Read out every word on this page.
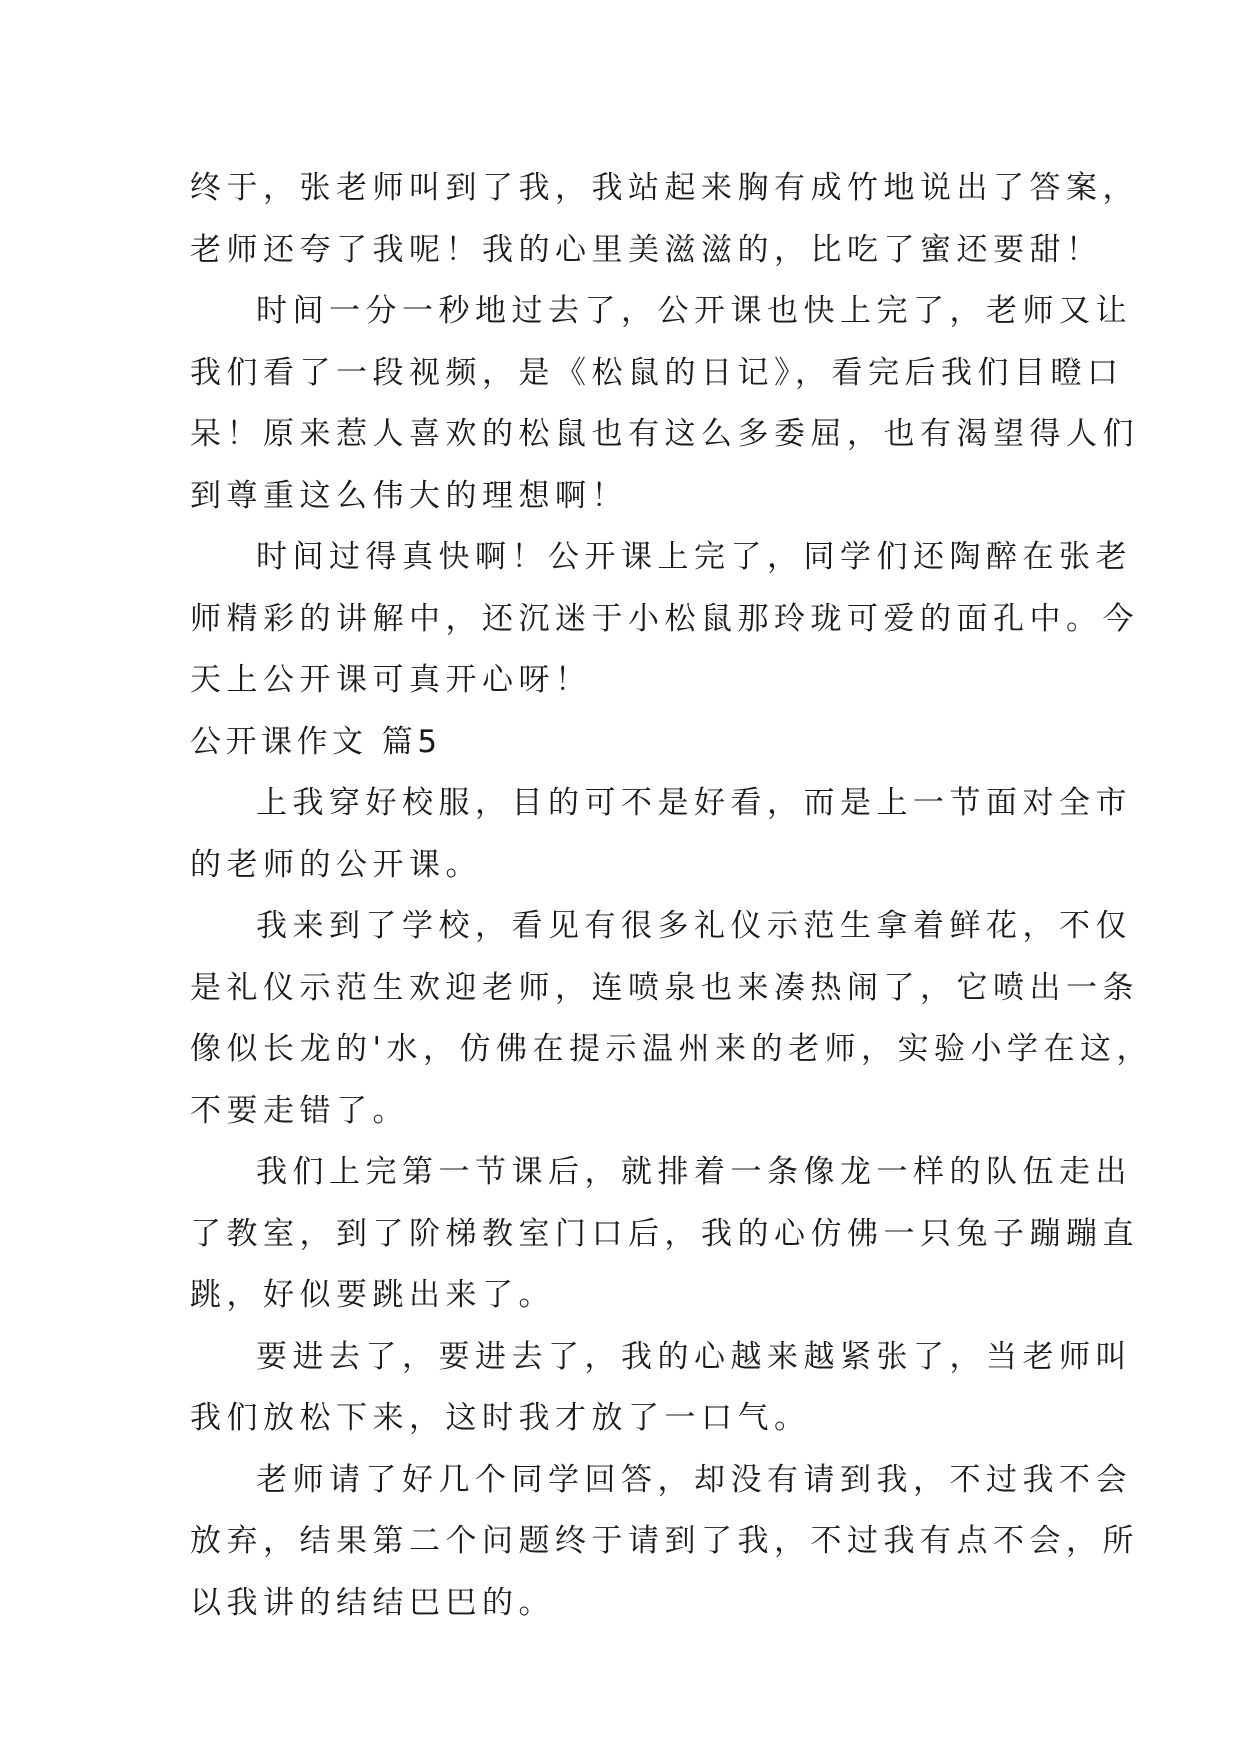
终于，张老师叫到了我，我站起来胸有成竹地说出了答案，
老师还夸了我呢！我的心里美滋滋的，比吃了蜜还要甜！
时间一分一秒地过去了，公开课也快上完了，老师又让
我们看了一段视频，是《松鼠的日记》，看完后我们目瞪口
呆！原来惹人喜欢的松鼠也有这么多委屈，也有渴望得人们
到尊重这么伟大的理想啊！
时间过得真快啊！公开课上完了，同学们还陶醉在张老
师精彩的讲解中，还沉迷于小松鼠那玲珑可爱的面孔中。今
天上公开课可真开心呀！
公开课作文 篇5
上我穿好校服，目的可不是好看，而是上一节面对全市
的老师的公开课。
我来到了学校，看见有很多礼仪示范生拿着鲜花，不仅
是礼仪示范生欢迎老师，连喷泉也来凑热闹了，它喷出一条
像似长龙的'水，仿佛在提示温州来的老师，实验小学在这，
不要走错了。
我们上完第一节课后，就排着一条像龙一样的队伍走出
了教室，到了阶梯教室门口后，我的心仿佛一只兔子蹦蹦直
跳，好似要跳出来了。
要进去了，要进去了，我的心越来越紧张了，当老师叫
我们放松下来，这时我才放了一口气。
老师请了好几个同学回答，却没有请到我，不过我不会
放弃，结果第二个问题终于请到了我，不过我有点不会，所
以我讲的结结巴巴的。
